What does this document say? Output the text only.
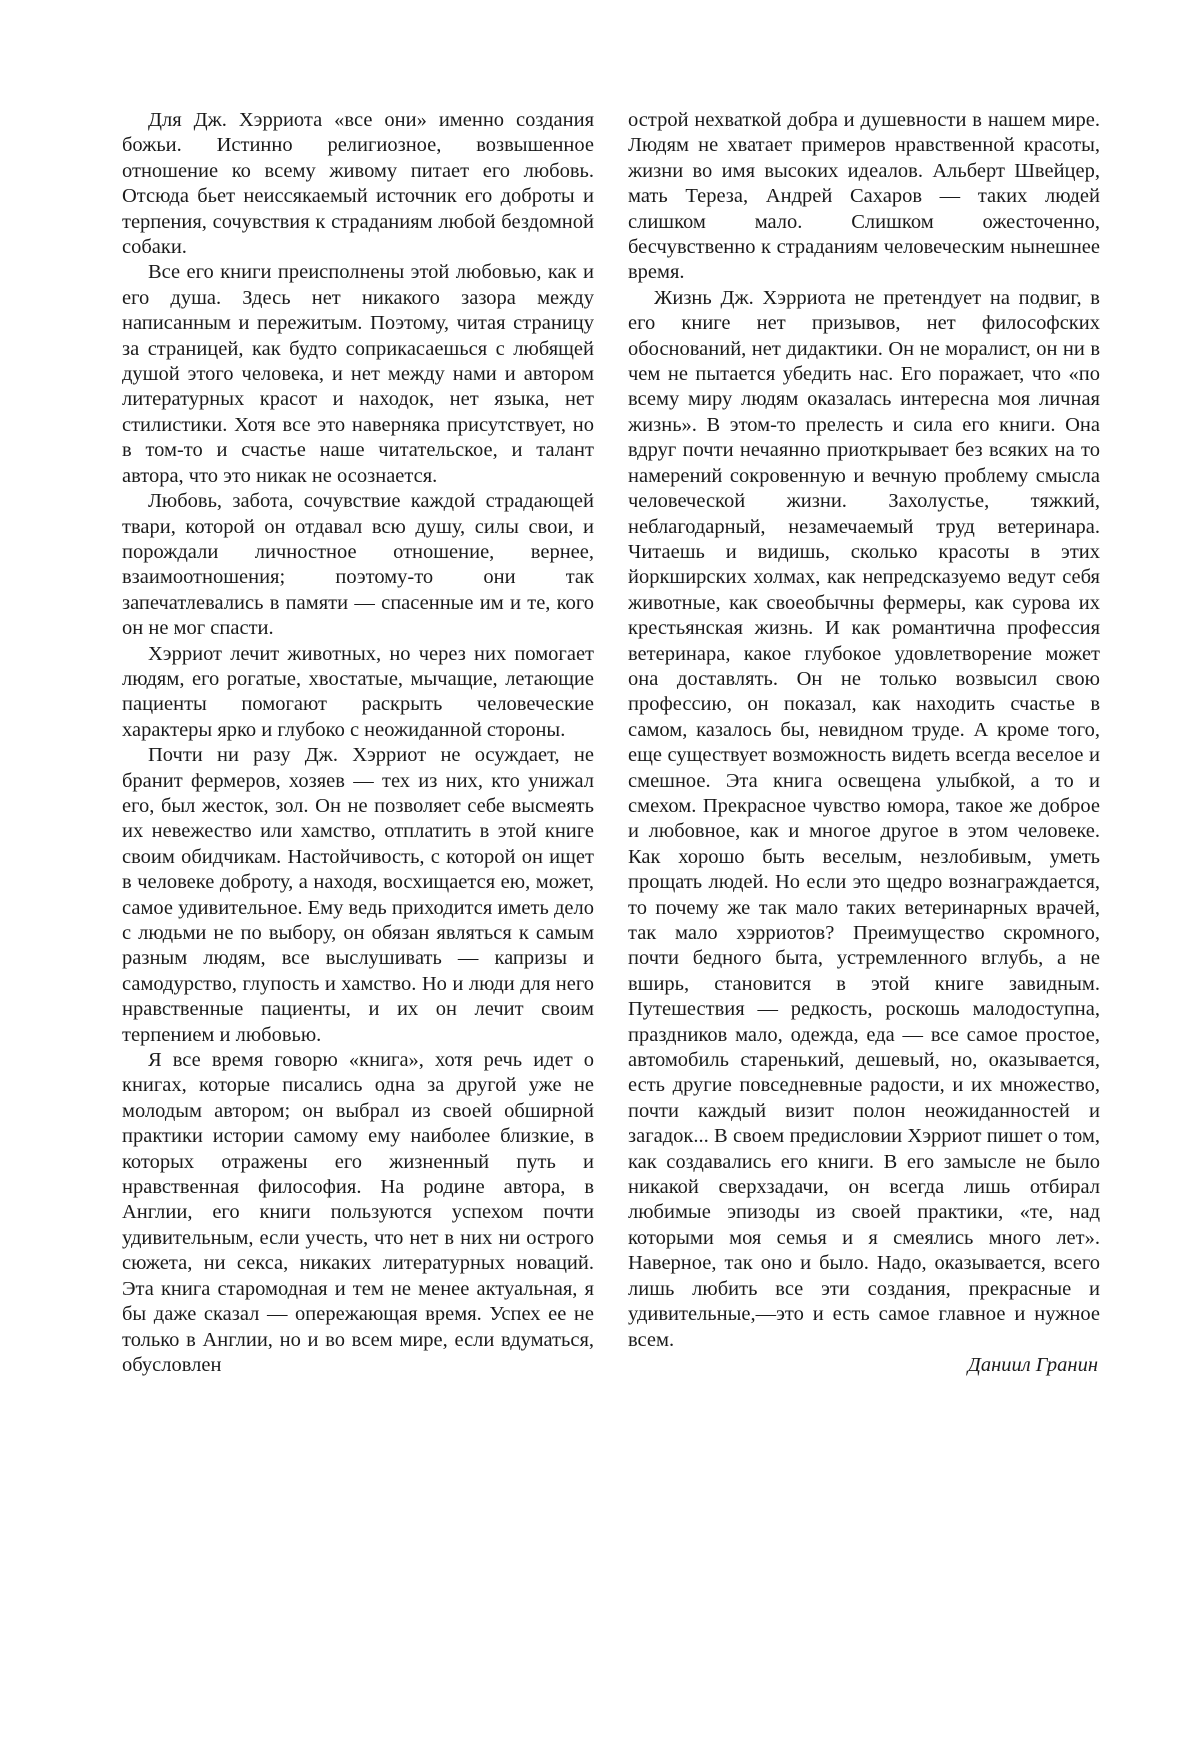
Для Дж. Хэрриота «все они» именно создания божьи. Истинно религиозное, возвышенное отношение ко всему живому питает его любовь. Отсюда бьет неиссякаемый источник его доброты и терпения, сочувствия к страданиям любой бездомной собаки.

Все его книги преисполнены этой любовью, как и его душа. Здесь нет никакого зазора между написанным и пережитым. Поэтому, читая страницу за страницей, как будто соприкасаешься с любящей душой этого человека, и нет между нами и автором литературных красот и находок, нет языка, нет стилистики. Хотя все это наверняка присутствует, но в том-то и счастье наше читательское, и талант автора, что это никак не осознается.

Любовь, забота, сочувствие каждой страдающей твари, которой он отдавал всю душу, силы свои, и порождали личностное отношение, вернее, взаимоотношения; поэтому-то они так запечатлевались в памяти — спасенные им и те, кого он не мог спасти.

Хэрриот лечит животных, но через них помогает людям, его рогатые, хвостатые, мычащие, летающие пациенты помогают раскрыть человеческие характеры ярко и глубоко с неожиданной стороны.

Почти ни разу Дж. Хэрриот не осуждает, не бранит фермеров, хозяев — тех из них, кто унижал его, был жесток, зол. Он не позволяет себе высмеять их невежество или хамство, отплатить в этой книге своим обидчикам. Настойчивость, с которой он ищет в человеке доброту, а находя, восхищается ею, может, самое удивительное. Ему ведь приходится иметь дело с людьми не по выбору, он обязан являться к самым разным людям, все выслушивать — капризы и самодурство, глупость и хамство. Но и люди для него нравственные пациенты, и их он лечит своим терпением и любовью.

Я все время говорю «книга», хотя речь идет о книгах, которые писались одна за другой уже не молодым автором; он выбрал из своей обширной практики истории самому ему наиболее близкие, в которых отражены его жизненный путь и нравственная философия. На родине автора, в Англии, его книги пользуются успехом почти удивительным, если учесть, что нет в них ни острого сюжета, ни секса, никаких литературных новаций. Эта книга старомодная и тем не менее актуальная, я бы даже сказал — опережающая время. Успех ее не только в Англии, но и во всем мире, если вдуматься, обусловлен

острой нехваткой добра и душевности в нашем мире. Людям не хватает примеров нравственной красоты, жизни во имя высоких идеалов. Альберт Швейцер, мать Тереза, Андрей Сахаров — таких людей слишком мало. Слишком ожесточенно, бесчувственно к страданиям человеческим нынешнее время.

Жизнь Дж. Хэрриота не претендует на подвиг, в его книге нет призывов, нет философских обоснований, нет дидактики. Он не моралист, он ни в чем не пытается убедить нас. Его поражает, что «по всему миру людям оказалась интересна моя личная жизнь». В этом-то прелесть и сила его книги. Она вдруг почти нечаянно приоткрывает без всяких на то намерений сокровенную и вечную проблему смысла человеческой жизни. Захолустье, тяжкий, неблагодарный, незамечаемый труд ветеринара. Читаешь и видишь, сколько красоты в этих йоркширских холмах, как непредсказуемо ведут себя животные, как своеобычны фермеры, как сурова их крестьянская жизнь. И как романтична профессия ветеринара, какое глубокое удовлетворение может она доставлять. Он не только возвысил свою профессию, он показал, как находить счастье в самом, казалось бы, невидном труде. А кроме того, еще существует возможность видеть всегда веселое и смешное. Эта книга освещена улыбкой, а то и смехом. Прекрасное чувство юмора, такое же доброе и любовное, как и многое другое в этом человеке. Как хорошо быть веселым, незлобивым, уметь прощать людей. Но если это щедро вознаграждается, то почему же так мало таких ветеринарных врачей, так мало хэрриотов? Преимущество скромного, почти бедного быта, устремленного вглубь, а не вширь, становится в этой книге завидным. Путешествия — редкость, роскошь малодоступна, праздников мало, одежда, еда — все самое простое, автомобиль старенький, дешевый, но, оказывается, есть другие повседневные радости, и их множество, почти каждый визит полон неожиданностей и загадок... В своем предисловии Хэрриот пишет о том, как создавались его книги. В его замысле не было никакой сверхзадачи, он всегда лишь отбирал любимые эпизоды из своей практики, «те, над которыми моя семья и я смеялись много лет». Наверное, так оно и было. Надо, оказывается, всего лишь любить все эти создания, прекрасные и удивительные,—это и есть самое главное и нужное всем.

Даниил Гранин
